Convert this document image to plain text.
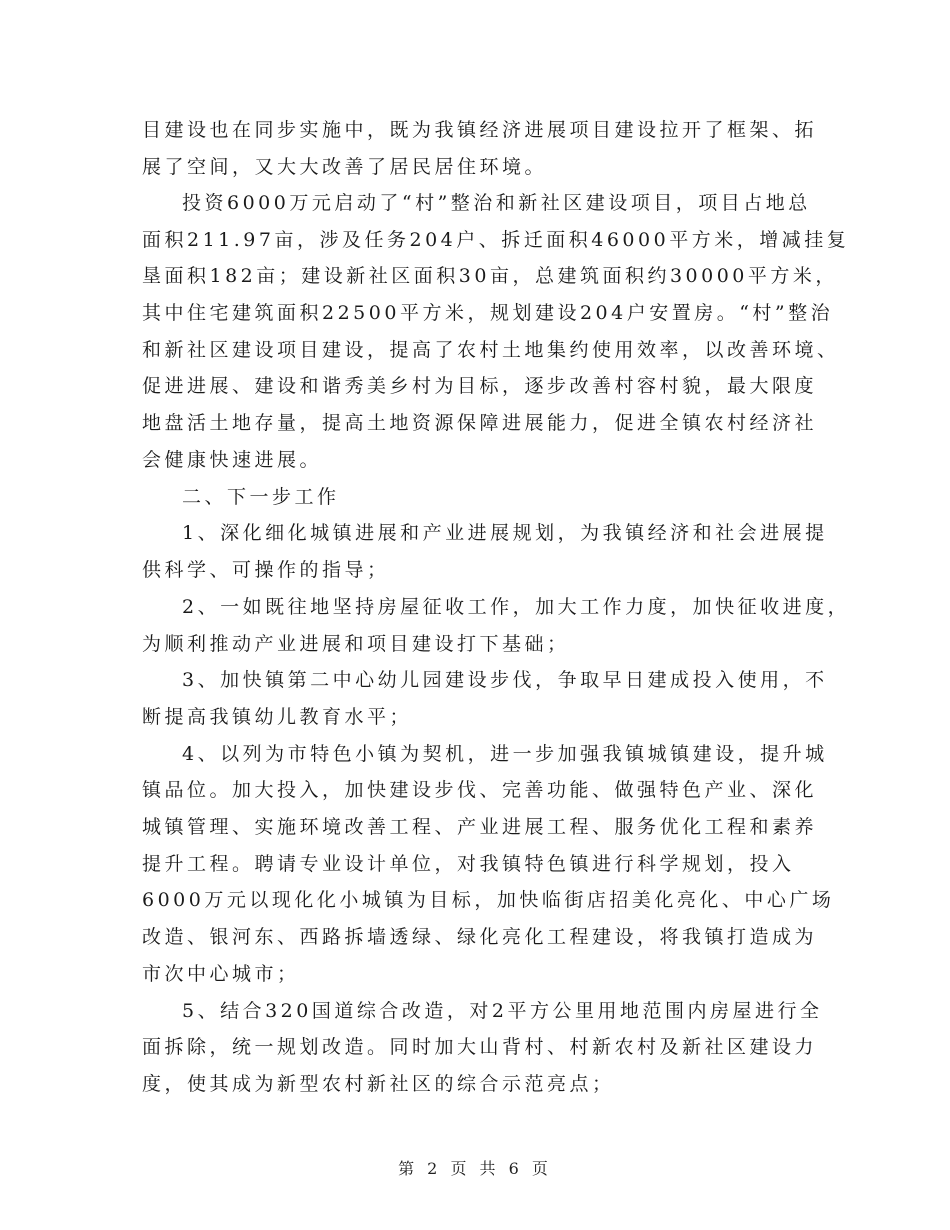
目建设也在同步实施中，既为我镇经济进展项目建设拉开了框架、拓
展了空间，又大大改善了居民居住环境。
投资6000万元启动了“村”整治和新社区建设项目，项目占地总
面积211.97亩，涉及任务204户、拆迁面积46000平方米，增减挂复
垦面积182亩；建设新社区面积30亩，总建筑面积约30000平方米，
其中住宅建筑面积22500平方米，规划建设204户安置房。“村”整治
和新社区建设项目建设，提高了农村土地集约使用效率，以改善环境、
促进进展、建设和谐秀美乡村为目标，逐步改善村容村貌，最大限度
地盘活土地存量，提高土地资源保障进展能力，促进全镇农村经济社
会健康快速进展。
二、下一步工作
1、深化细化城镇进展和产业进展规划，为我镇经济和社会进展提
供科学、可操作的指导；
2、一如既往地坚持房屋征收工作，加大工作力度，加快征收进度，
为顺利推动产业进展和项目建设打下基础；
3、加快镇第二中心幼儿园建设步伐，争取早日建成投入使用，不
断提高我镇幼儿教育水平；
4、以列为市特色小镇为契机，进一步加强我镇城镇建设，提升城
镇品位。加大投入，加快建设步伐、完善功能、做强特色产业、深化
城镇管理、实施环境改善工程、产业进展工程、服务优化工程和素养
提升工程。聘请专业设计单位，对我镇特色镇进行科学规划，投入
6000万元以现化化小城镇为目标，加快临街店招美化亮化、中心广场
改造、银河东、西路拆墙透绿、绿化亮化工程建设，将我镇打造成为
市次中心城市；
5、结合320国道综合改造，对2平方公里用地范围内房屋进行全
面拆除，统一规划改造。同时加大山背村、村新农村及新社区建设力
度，使其成为新型农村新社区的综合示范亮点；
第 2 页 共 6 页
